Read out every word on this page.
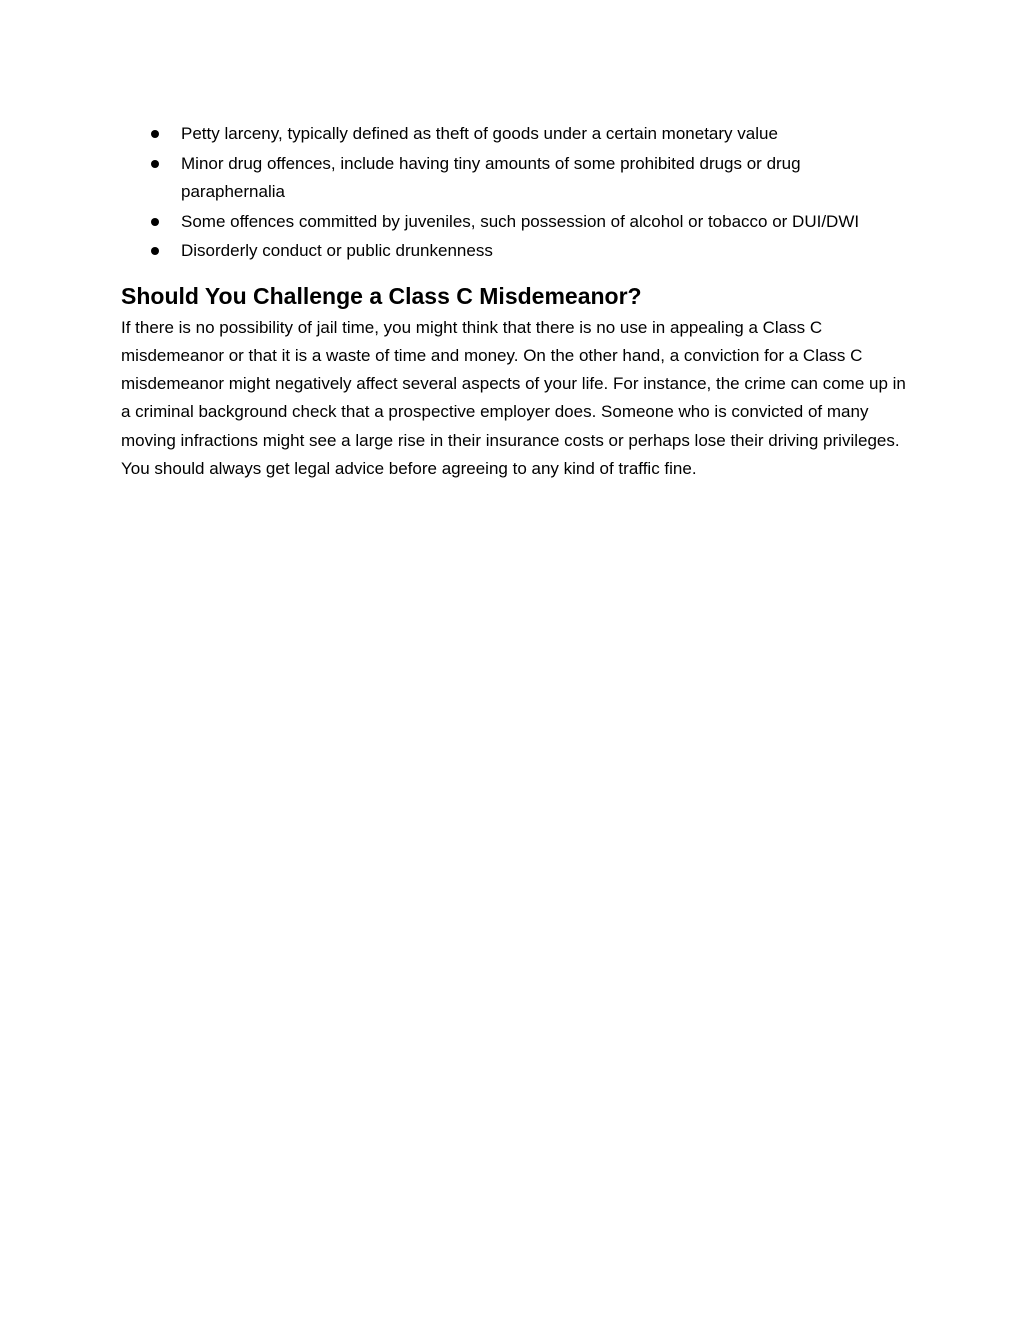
Petty larceny, typically defined as theft of goods under a certain monetary value
Minor drug offences, include having tiny amounts of some prohibited drugs or drug paraphernalia
Some offences committed by juveniles, such possession of alcohol or tobacco or DUI/DWI
Disorderly conduct or public drunkenness
Should You Challenge a Class C Misdemeanor?

If there is no possibility of jail time, you might think that there is no use in appealing a Class C misdemeanor or that it is a waste of time and money. On the other hand, a conviction for a Class C misdemeanor might negatively affect several aspects of your life. For instance, the crime can come up in a criminal background check that a prospective employer does. Someone who is convicted of many moving infractions might see a large rise in their insurance costs or perhaps lose their driving privileges. You should always get legal advice before agreeing to any kind of traffic fine.
